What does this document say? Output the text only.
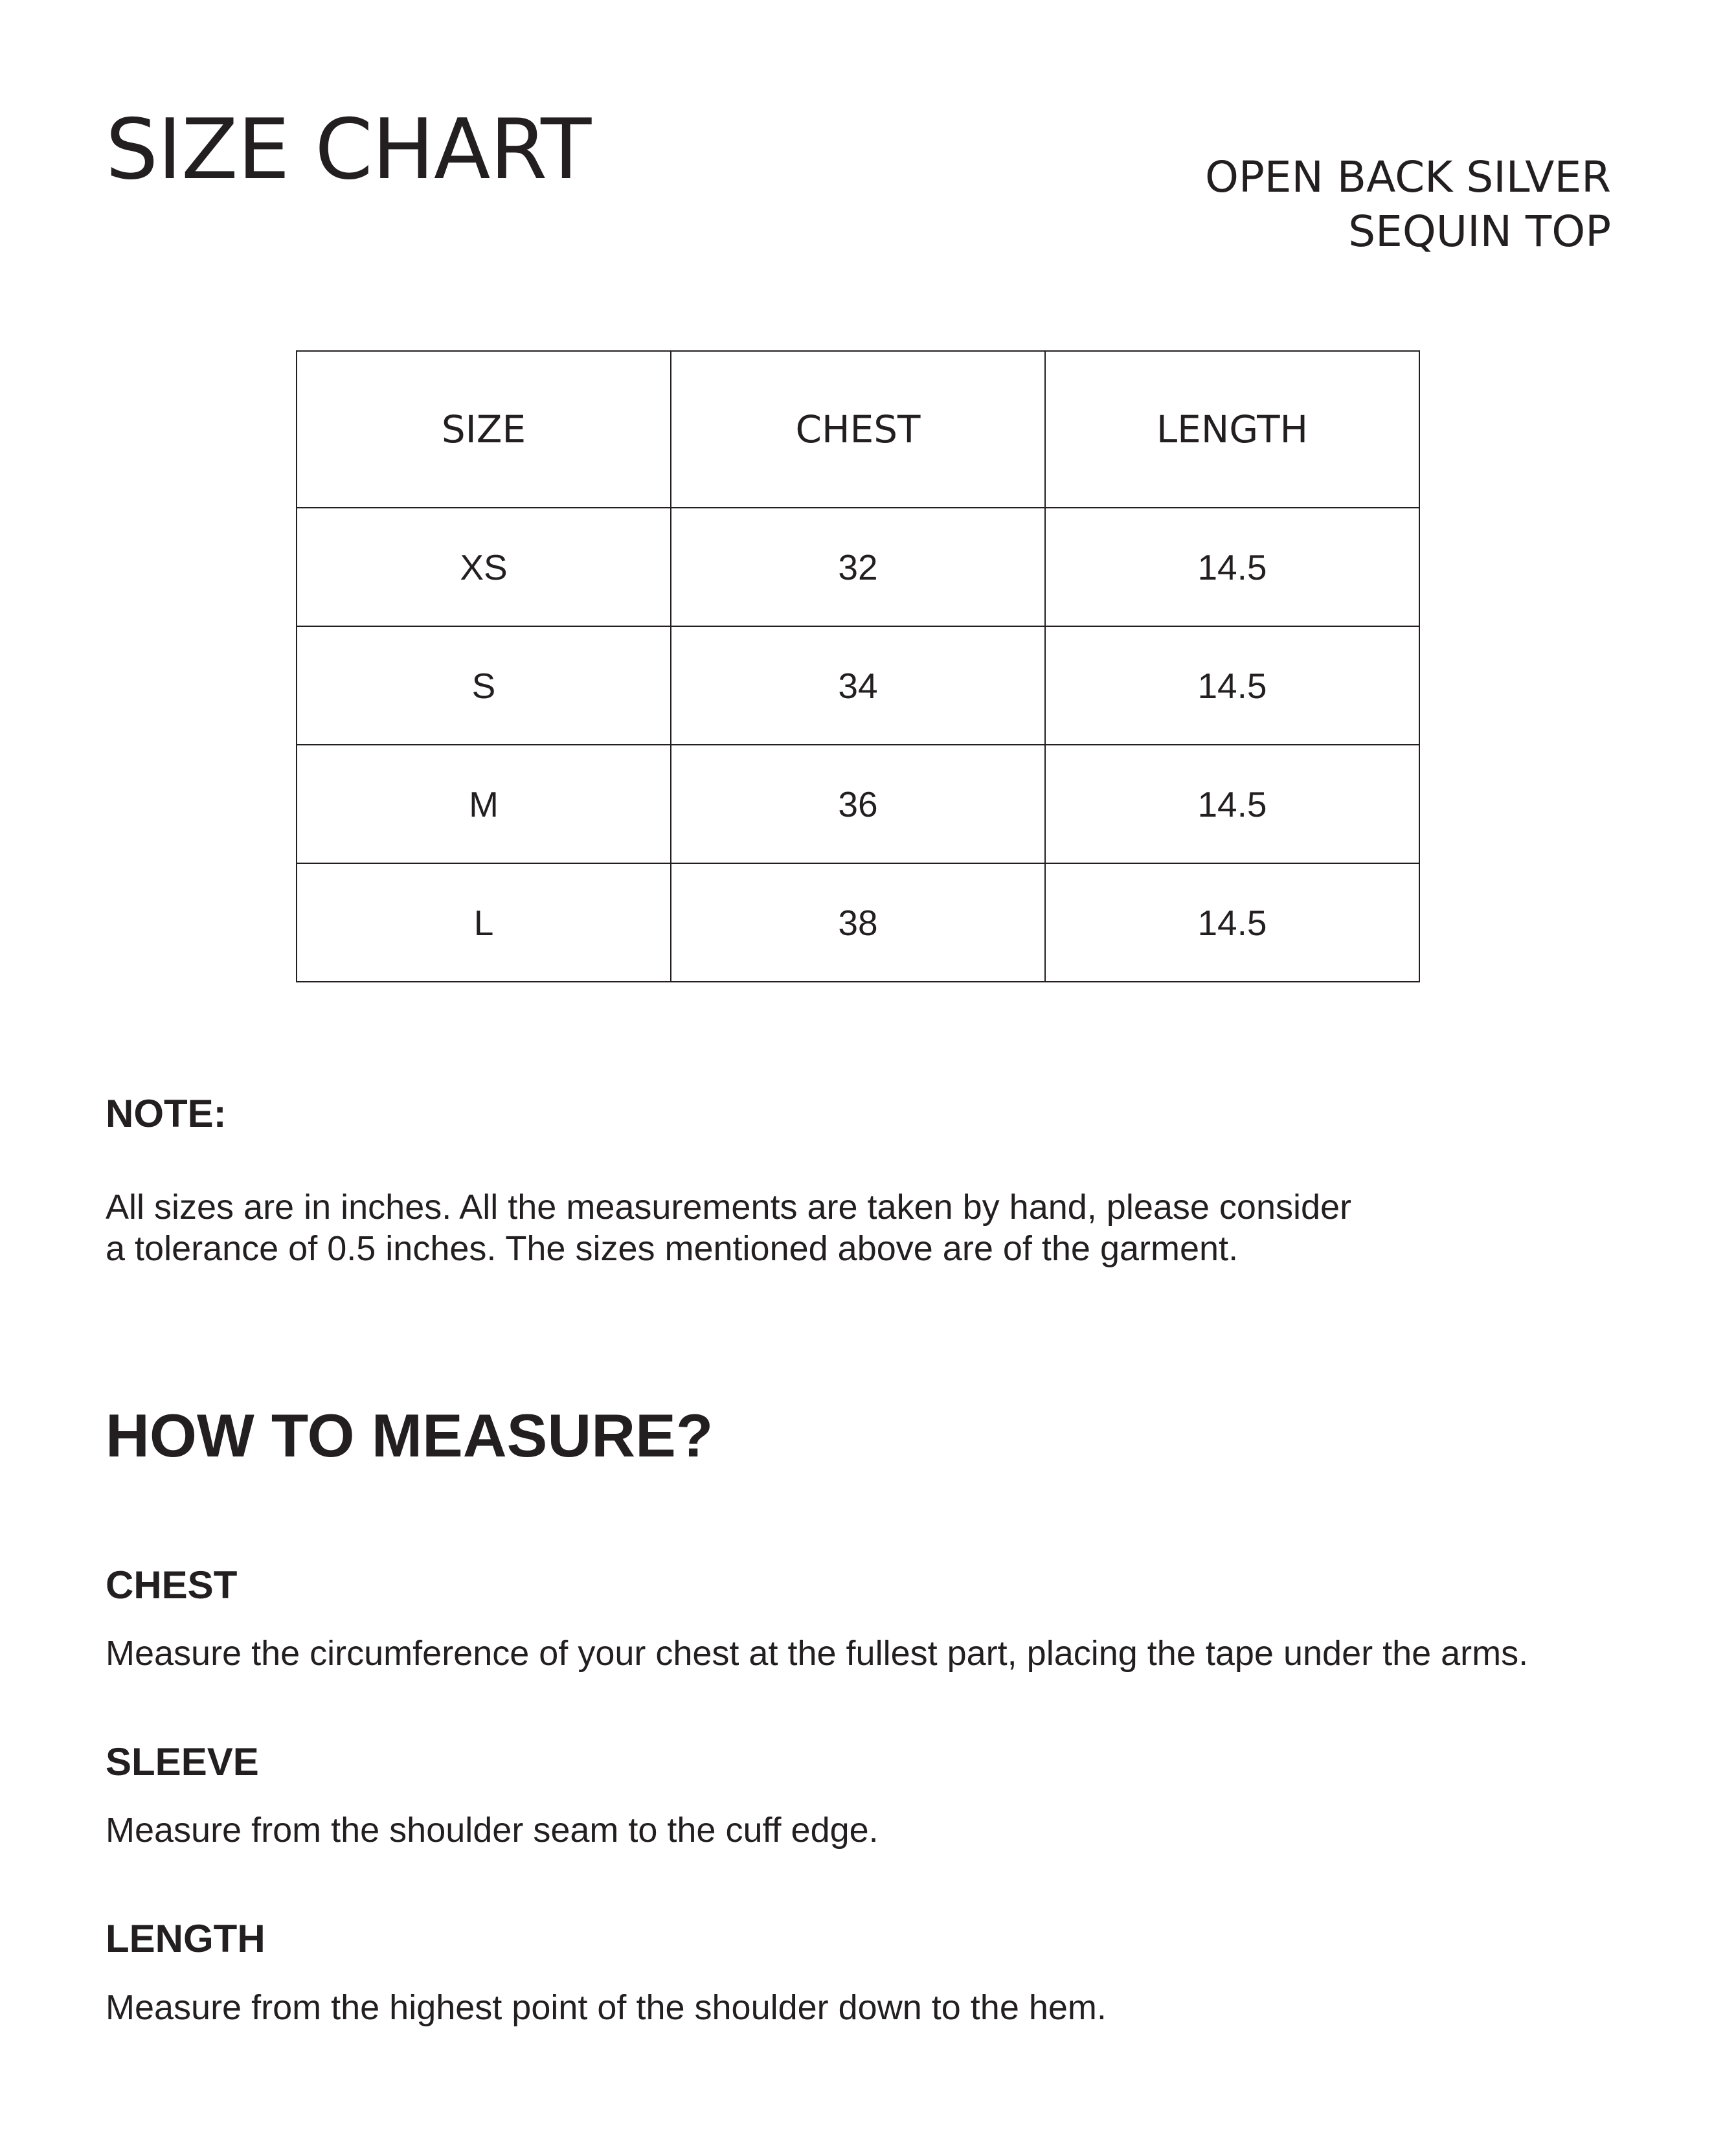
SIZE CHART	OPEN BACK SILVER
SEQUIN TOP
SIZE	CHEST	LENGTH
XS	32	14.5
S	34	14.5
M	36	14.5
L	38	14.5
NOTE:

All sizes are in inches. All the measurements are taken by hand, please consider
a tolerance of 0.5 inches. The sizes mentioned above are of the garment.

HOW TO MEASURE?
CHEST

Measure the circumference of your chest at the fullest part, placing the tape under the arms.

SLEEVE

Measure from the shoulder seam to the cuff edge.

LENGTH

Measure from the highest point of the shoulder down to the hem.
